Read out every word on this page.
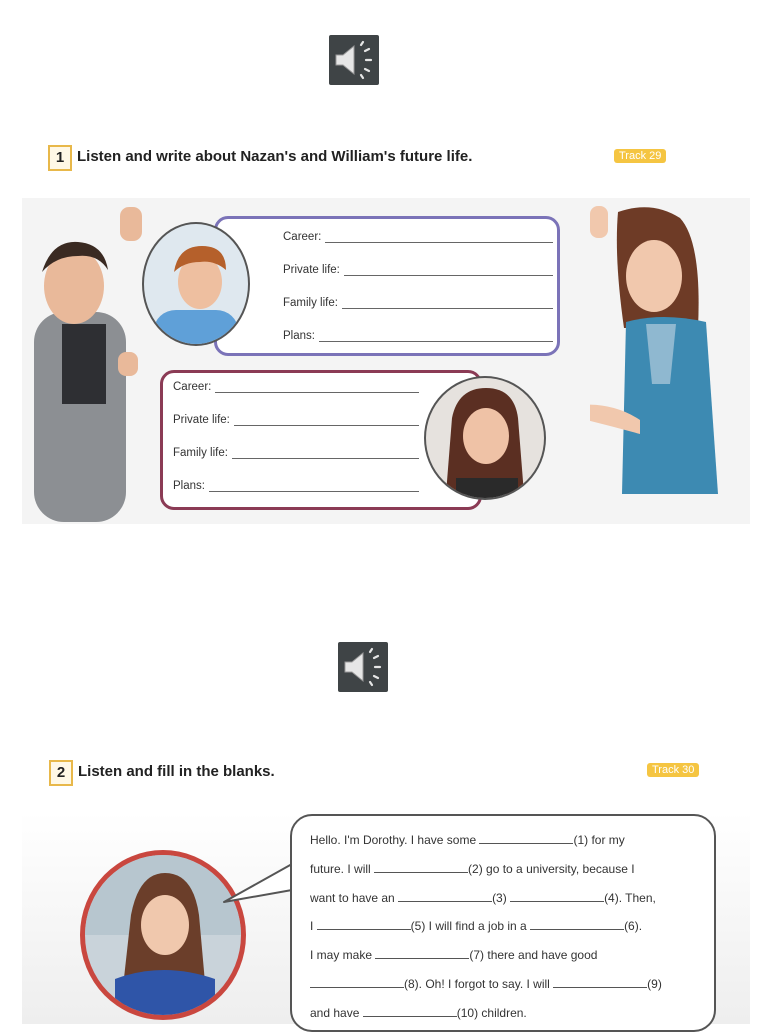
1 Listen and write about Nazan's and William's future life.	Track 29
Career:
Private life:
Family life:
Plans:
Career:
Private life:
Family life:
Plans:
2 Listen and fill in the blanks.	Track 30
Hello. I'm Dorothy. I have some	(1) for my
future. I will	(2) go to a university, because I
want to have an	(3)	(4). Then,
I	(5) I will find a job in a	(6).
I may make	(7) there and have good
(8). Oh! I forgot to say. I will	(9)
and have	(10) children.
